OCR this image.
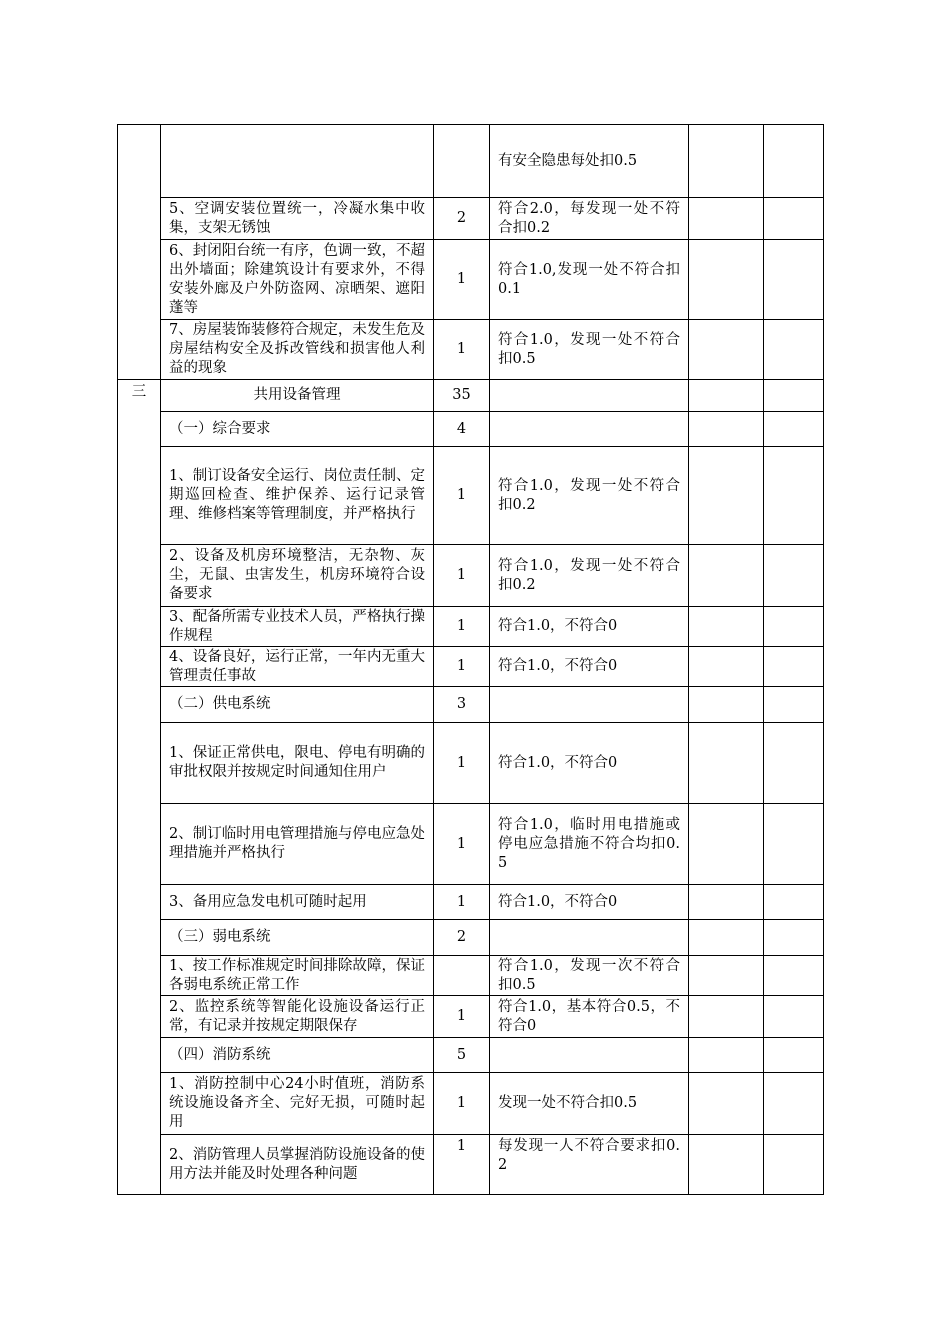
			有安全隐患每处扣0.5		
	5、空调安装位置统一，冷凝水集中收集，支架无锈蚀	2	符合2.0，每发现一处不符合扣0.2		
	6、封闭阳台统一有序，色调一致，不超出外墙面；除建筑设计有要求外，不得安装外廊及户外防盗网、凉晒架、遮阳蓬等	1	符合1.0,发现一处不符合扣0.1		
	7、房屋装饰装修符合规定，未发生危及房屋结构安全及拆改管线和损害他人利益的现象	1	符合1.0，发现一处不符合扣0.5		
三	共用设备管理	35			
	（一）综合要求	4			
	1、制订设备安全运行、岗位责任制、定期巡回检查、维护保养、运行记录管理、维修档案等管理制度，并严格执行	1	符合1.0，发现一处不符合扣0.2		
	2、设备及机房环境整洁，无杂物、灰尘，无鼠、虫害发生，机房环境符合设备要求	1	符合1.0，发现一处不符合扣0.2		
	3、配备所需专业技术人员，严格执行操作规程	1	符合1.0，不符合0		
	4、设备良好，运行正常，一年内无重大管理责任事故	1	符合1.0，不符合0		
	（二）供电系统	3			
	1、保证正常供电，限电、停电有明确的审批权限并按规定时间通知住用户	1	符合1.0，不符合0		
	2、制订临时用电管理措施与停电应急处理措施并严格执行	1	符合1.0，临时用电措施或停电应急措施不符合均扣0.5		
	3、备用应急发电机可随时起用	1	符合1.0，不符合0		
	（三）弱电系统	2			
	1、按工作标准规定时间排除故障，保证各弱电系统正常工作		符合1.0，发现一次不符合扣0.5		
	2、监控系统等智能化设施设备运行正常，有记录并按规定期限保存	1	符合1.0，基本符合0.5，不符合0		
	（四）消防系统	5			
	1、消防控制中心24小时值班，消防系统设施设备齐全、完好无损，可随时起用	1	发现一处不符合扣0.5		
	2、消防管理人员掌握消防设施设备的使用方法并能及时处理各种问题	1	每发现一人不符合要求扣0.2		
